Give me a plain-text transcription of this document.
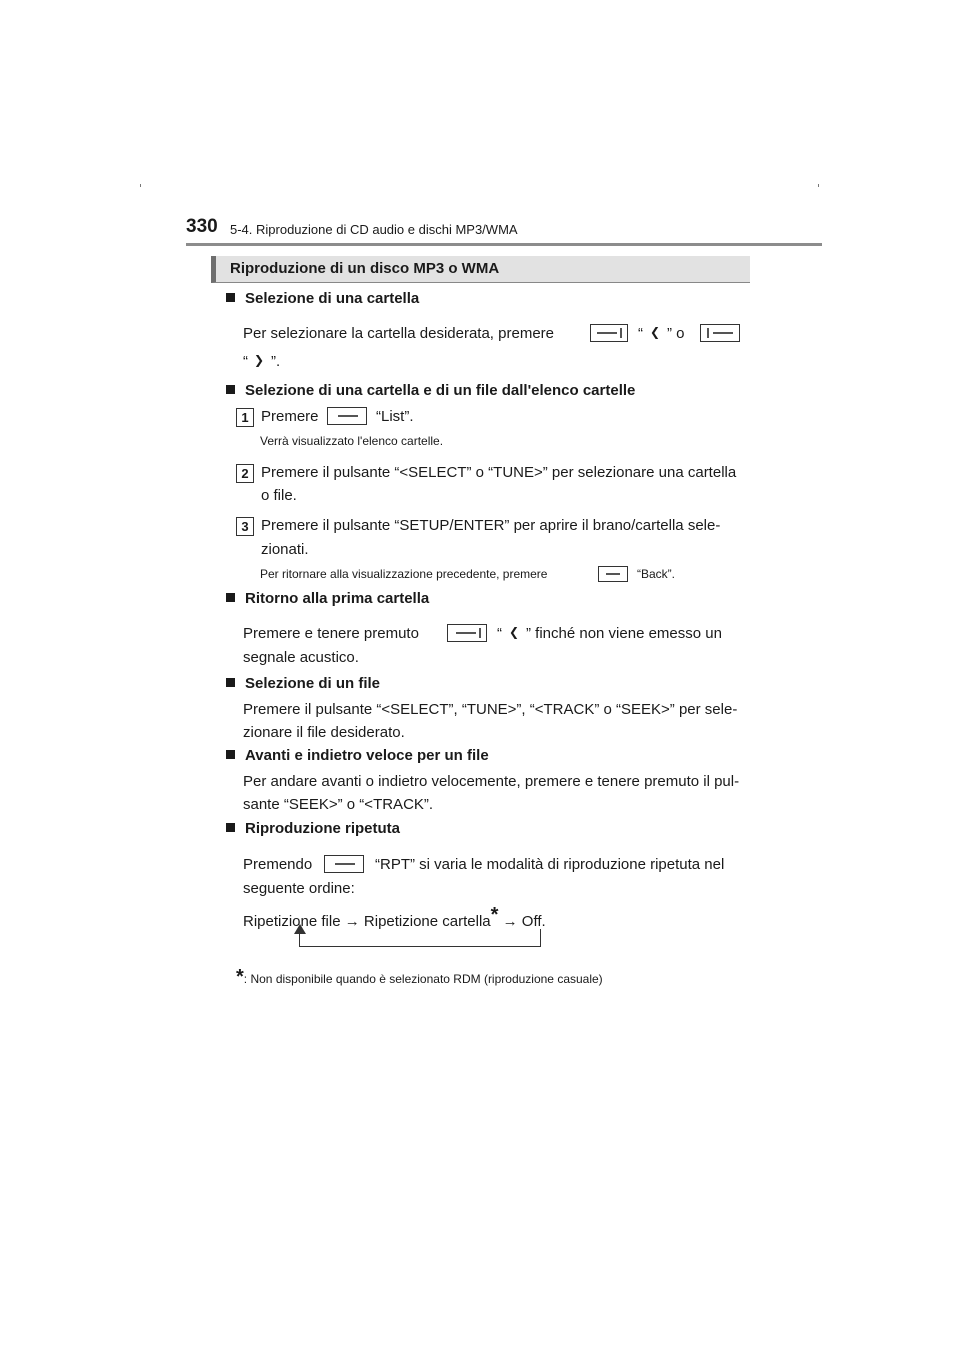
330 5-4. Riproduzione di CD audio e dischi MP3/WMA
Riproduzione di un disco MP3 o WMA
Selezione di una cartella
Per selezionare la cartella desiderata, premere	“ ❮ ” o
“ ❯ ”.
Selezione di una cartella e di un file dall'elenco cartelle
1 Premere	“List”.
Verrà visualizzato l'elenco cartelle.
2 Premere il pulsante “<SELECT” o “TUNE>” per selezionare una cartella
o file.
3 Premere il pulsante “SETUP/ENTER” per aprire il brano/cartella sele-
zionati.
Per ritornare alla visualizzazione precedente, premere	“Back”.
Ritorno alla prima cartella
Premere e tenere premuto	“ ❮ ” finché non viene emesso un
segnale acustico.
Selezione di un file
Premere il pulsante “<SELECT”, “TUNE>”, “<TRACK” o “SEEK>” per sele-
zionare il file desiderato.
Avanti e indietro veloce per un file
Per andare avanti o indietro velocemente, premere e tenere premuto il pul-
sante “SEEK>” o “<TRACK”.
Riproduzione ripetuta
Premendo	“RPT” si varia le modalità di riproduzione ripetuta nel
seguente ordine:
Ripetizione file → Ripetizione cartella* → Off.
*: Non disponibile quando è selezionato RDM (riproduzione casuale)
